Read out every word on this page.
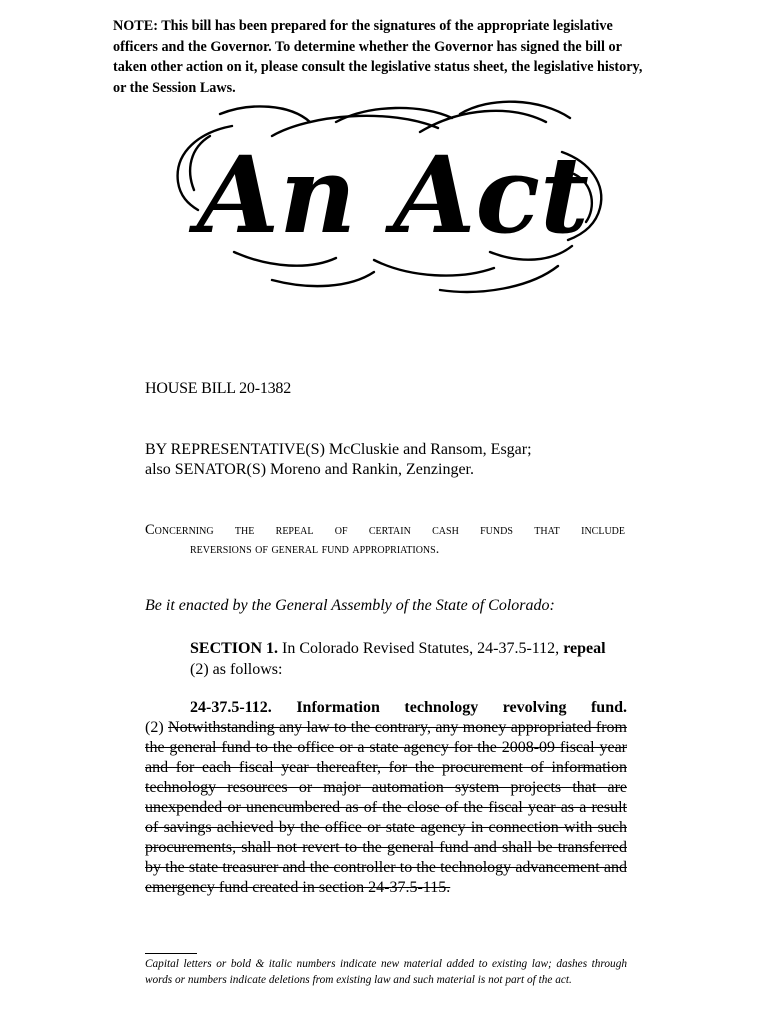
NOTE: This bill has been prepared for the signatures of the appropriate legislative officers and the Governor. To determine whether the Governor has signed the bill or taken other action on it, please consult the legislative status sheet, the legislative history, or the Session Laws.
An Act
HOUSE BILL 20-1382
BY REPRESENTATIVE(S) McCluskie and Ransom, Esgar;
also SENATOR(S) Moreno and Rankin, Zenzinger.
Concerning the repeal of certain cash funds that include
reversions of general fund appropriations.
Be it enacted by the General Assembly of the State of Colorado:
SECTION 1. In Colorado Revised Statutes, 24-37.5-112, repeal (2) as follows:
24-37.5-112. Information technology revolving fund.
(2) Notwithstanding any law to the contrary, any money appropriated from the general fund to the office or a state agency for the 2008-09 fiscal year and for each fiscal year thereafter, for the procurement of information technology resources or major automation system projects that are unexpended or unencumbered as of the close of the fiscal year as a result of savings achieved by the office or state agency in connection with such procurements, shall not revert to the general fund and shall be transferred by the state treasurer and the controller to the technology advancement and emergency fund created in section 24-37.5-115.
Capital letters or bold & italic numbers indicate new material added to existing law; dashes through words or numbers indicate deletions from existing law and such material is not part of the act.
